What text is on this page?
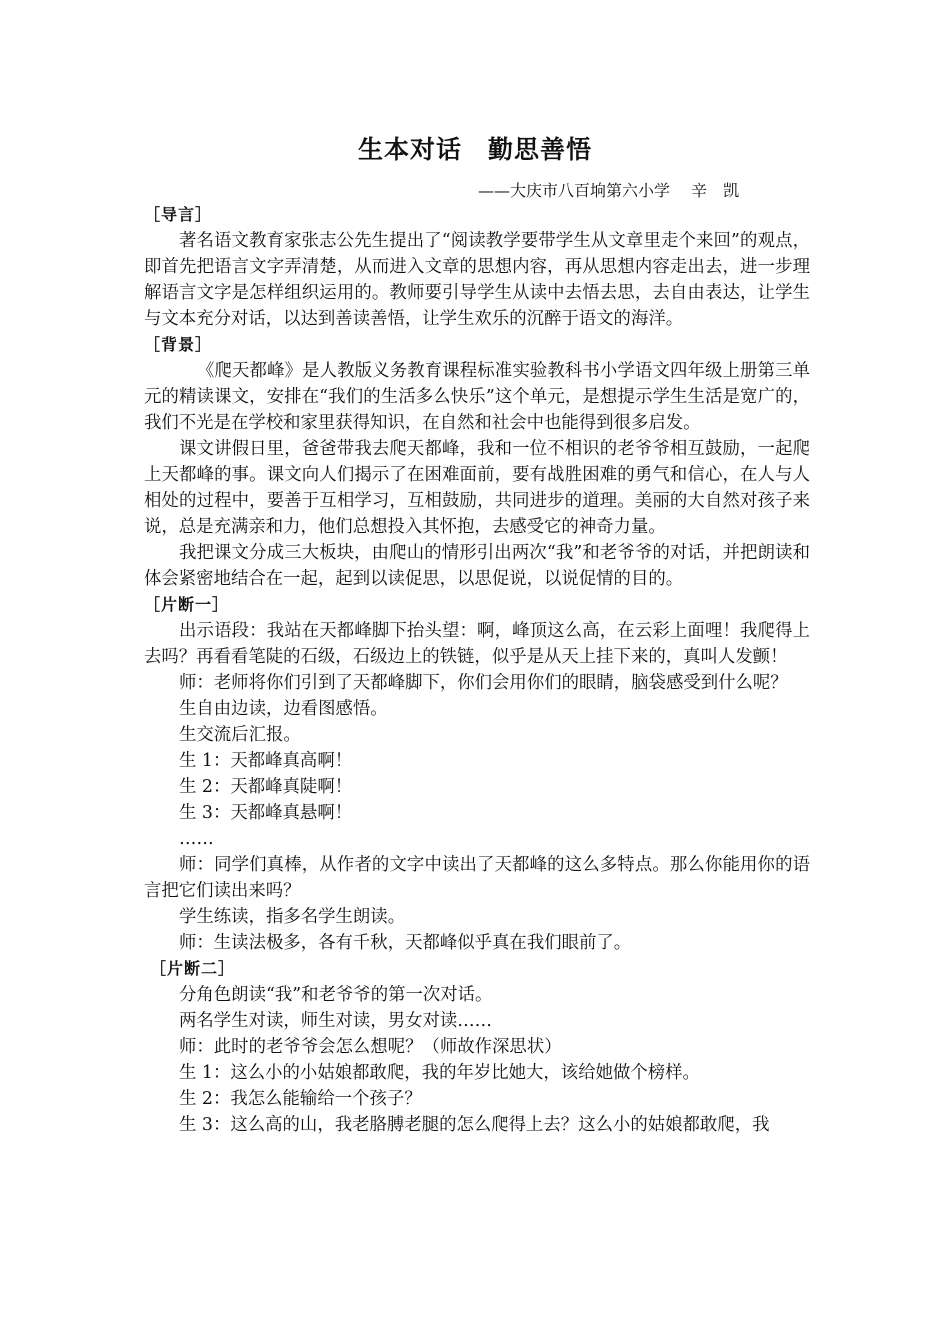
生本对话　勤思善悟
——大庆市八百垧第六小学　 辛　凯
［导言］
著名语文教育家张志公先生提出了“阅读教学要带学生从文章里走个来回”的观点，即首先把语言文字弄清楚，从而进入文章的思想内容，再从思想内容走出去，进一步理解语言文字是怎样组织运用的。教师要引导学生从读中去悟去思，去自由表达，让学生与文本充分对话，以达到善读善悟，让学生欢乐的沉醉于语文的海洋。
［背景］
《爬天都峰》是人教版义务教育课程标准实验教科书小学语文四年级上册第三单元的精读课文，安排在“我们的生活多么快乐”这个单元，是想提示学生生活是宽广的，我们不光是在学校和家里获得知识，在自然和社会中也能得到很多启发。
课文讲假日里，爸爸带我去爬天都峰，我和一位不相识的老爷爷相互鼓励，一起爬上天都峰的事。课文向人们揭示了在困难面前，要有战胜困难的勇气和信心，在人与人相处的过程中，要善于互相学习，互相鼓励，共同进步的道理。美丽的大自然对孩子来说，总是充满亲和力，他们总想投入其怀抱，去感受它的神奇力量。
我把课文分成三大板块，由爬山的情形引出两次“我”和老爷爷的对话，并把朗读和体会紧密地结合在一起，起到以读促思，以思促说，以说促情的目的。
［片断一］
出示语段：我站在天都峰脚下抬头望：啊，峰顶这么高，在云彩上面哩！我爬得上去吗？再看看笔陡的石级，石级边上的铁链，似乎是从天上挂下来的，真叫人发颤！
师：老师将你们引到了天都峰脚下，你们会用你们的眼睛，脑袋感受到什么呢？
生自由边读，边看图感悟。
生交流后汇报。
生 1：天都峰真高啊！
生 2：天都峰真陡啊！
生 3：天都峰真悬啊！
……
师：同学们真棒，从作者的文字中读出了天都峰的这么多特点。那么你能用你的语言把它们读出来吗？
学生练读，指多名学生朗读。
师：生读法极多，各有千秋，天都峰似乎真在我们眼前了。
［片断二］
分角色朗读“我”和老爷爷的第一次对话。
两名学生对读，师生对读，男女对读……
师：此时的老爷爷会怎么想呢？（师故作深思状）
生 1：这么小的小姑娘都敢爬，我的年岁比她大，该给她做个榜样。
生 2：我怎么能输给一个孩子？
生 3：这么高的山，我老胳膊老腿的怎么爬得上去？这么小的姑娘都敢爬，我
